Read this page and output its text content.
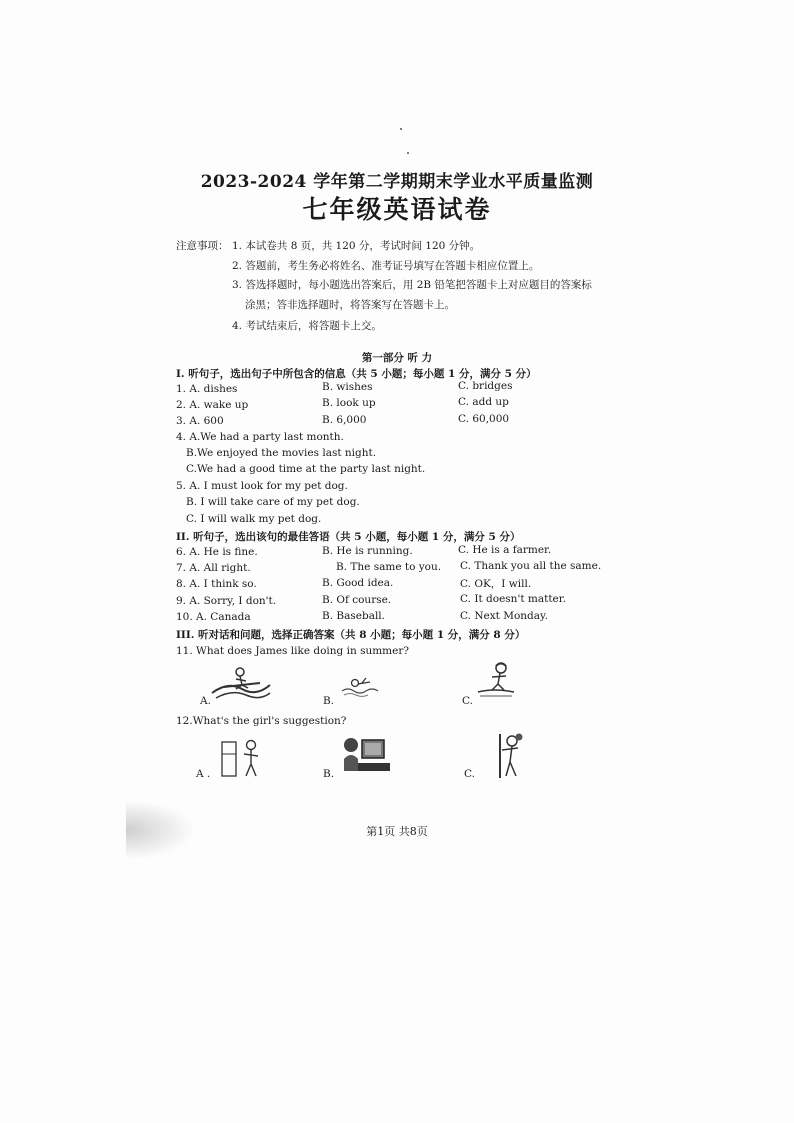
2023-2024 学年第二学期期末学业水平质量监测
七年级英语试卷
注意事项： 1. 本试卷共 8 页，共 120 分，考试时间 120 分钟。
2. 答题前，考生务必将姓名、准考证号填写在答题卡相应位置上。
3. 答选择题时，每小题选出答案后，用 2B 铅笔把答题卡上对应题目的答案标
涂黑；答非选择题时，将答案写在答题卡上。
4. 考试结束后，将答题卡上交。
第一部分 听 力
I. 听句子，选出句子中所包含的信息（共 5 小题；每小题 1 分，满分 5 分）
1. A. dishes	B. wishes	C. bridges
2. A. wake up	B. look up	C. add up
3. A. 600	B. 6,000	C. 60,000
4. A.We had a party last month.
B.We enjoyed the movies last night.
C.We had a good time at the party last night.
5. A. I must look for my pet dog.
B. I will take care of my pet dog.
C. I will walk my pet dog.
II. 听句子，选出该句的最佳答语（共 5 小题，每小题 1 分，满分 5 分）
6. A. He is fine.	B. He is running.	C. He is a farmer.
7. A. All right.	B. The same to you. C. Thank you all the same.
8. A. I think so.	B. Good idea.	C. OK，I will.
9. A. Sorry, I don't.	B. Of course.	C. It doesn't matter.
10. A. Canada	B. Baseball.	C. Next Monday.
III. 听对话和问题，选择正确答案（共 8 小题；每小题 1 分，满分 8 分）
11. What does James like doing in summer?
A.	B.	C.
12.What's the girl's suggestion?
A .	B.	C.
第1页 共8页
